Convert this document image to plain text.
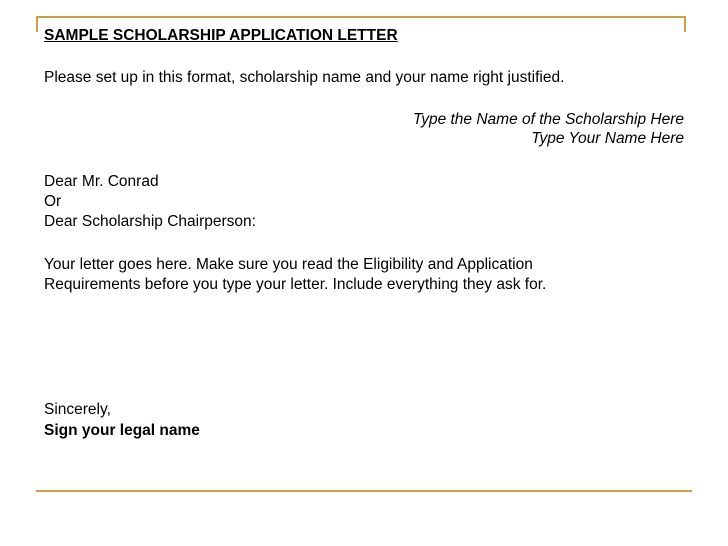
SAMPLE SCHOLARSHIP APPLICATION LETTER
Please set up in this format, scholarship name and your name right justified.
Type the Name of the Scholarship Here
Type Your Name Here
Dear Mr. Conrad
Or
Dear Scholarship Chairperson:
Your letter goes here. Make sure you read the Eligibility and Application
Requirements before you type your letter. Include everything they ask for.
Sincerely,
Sign your legal name
